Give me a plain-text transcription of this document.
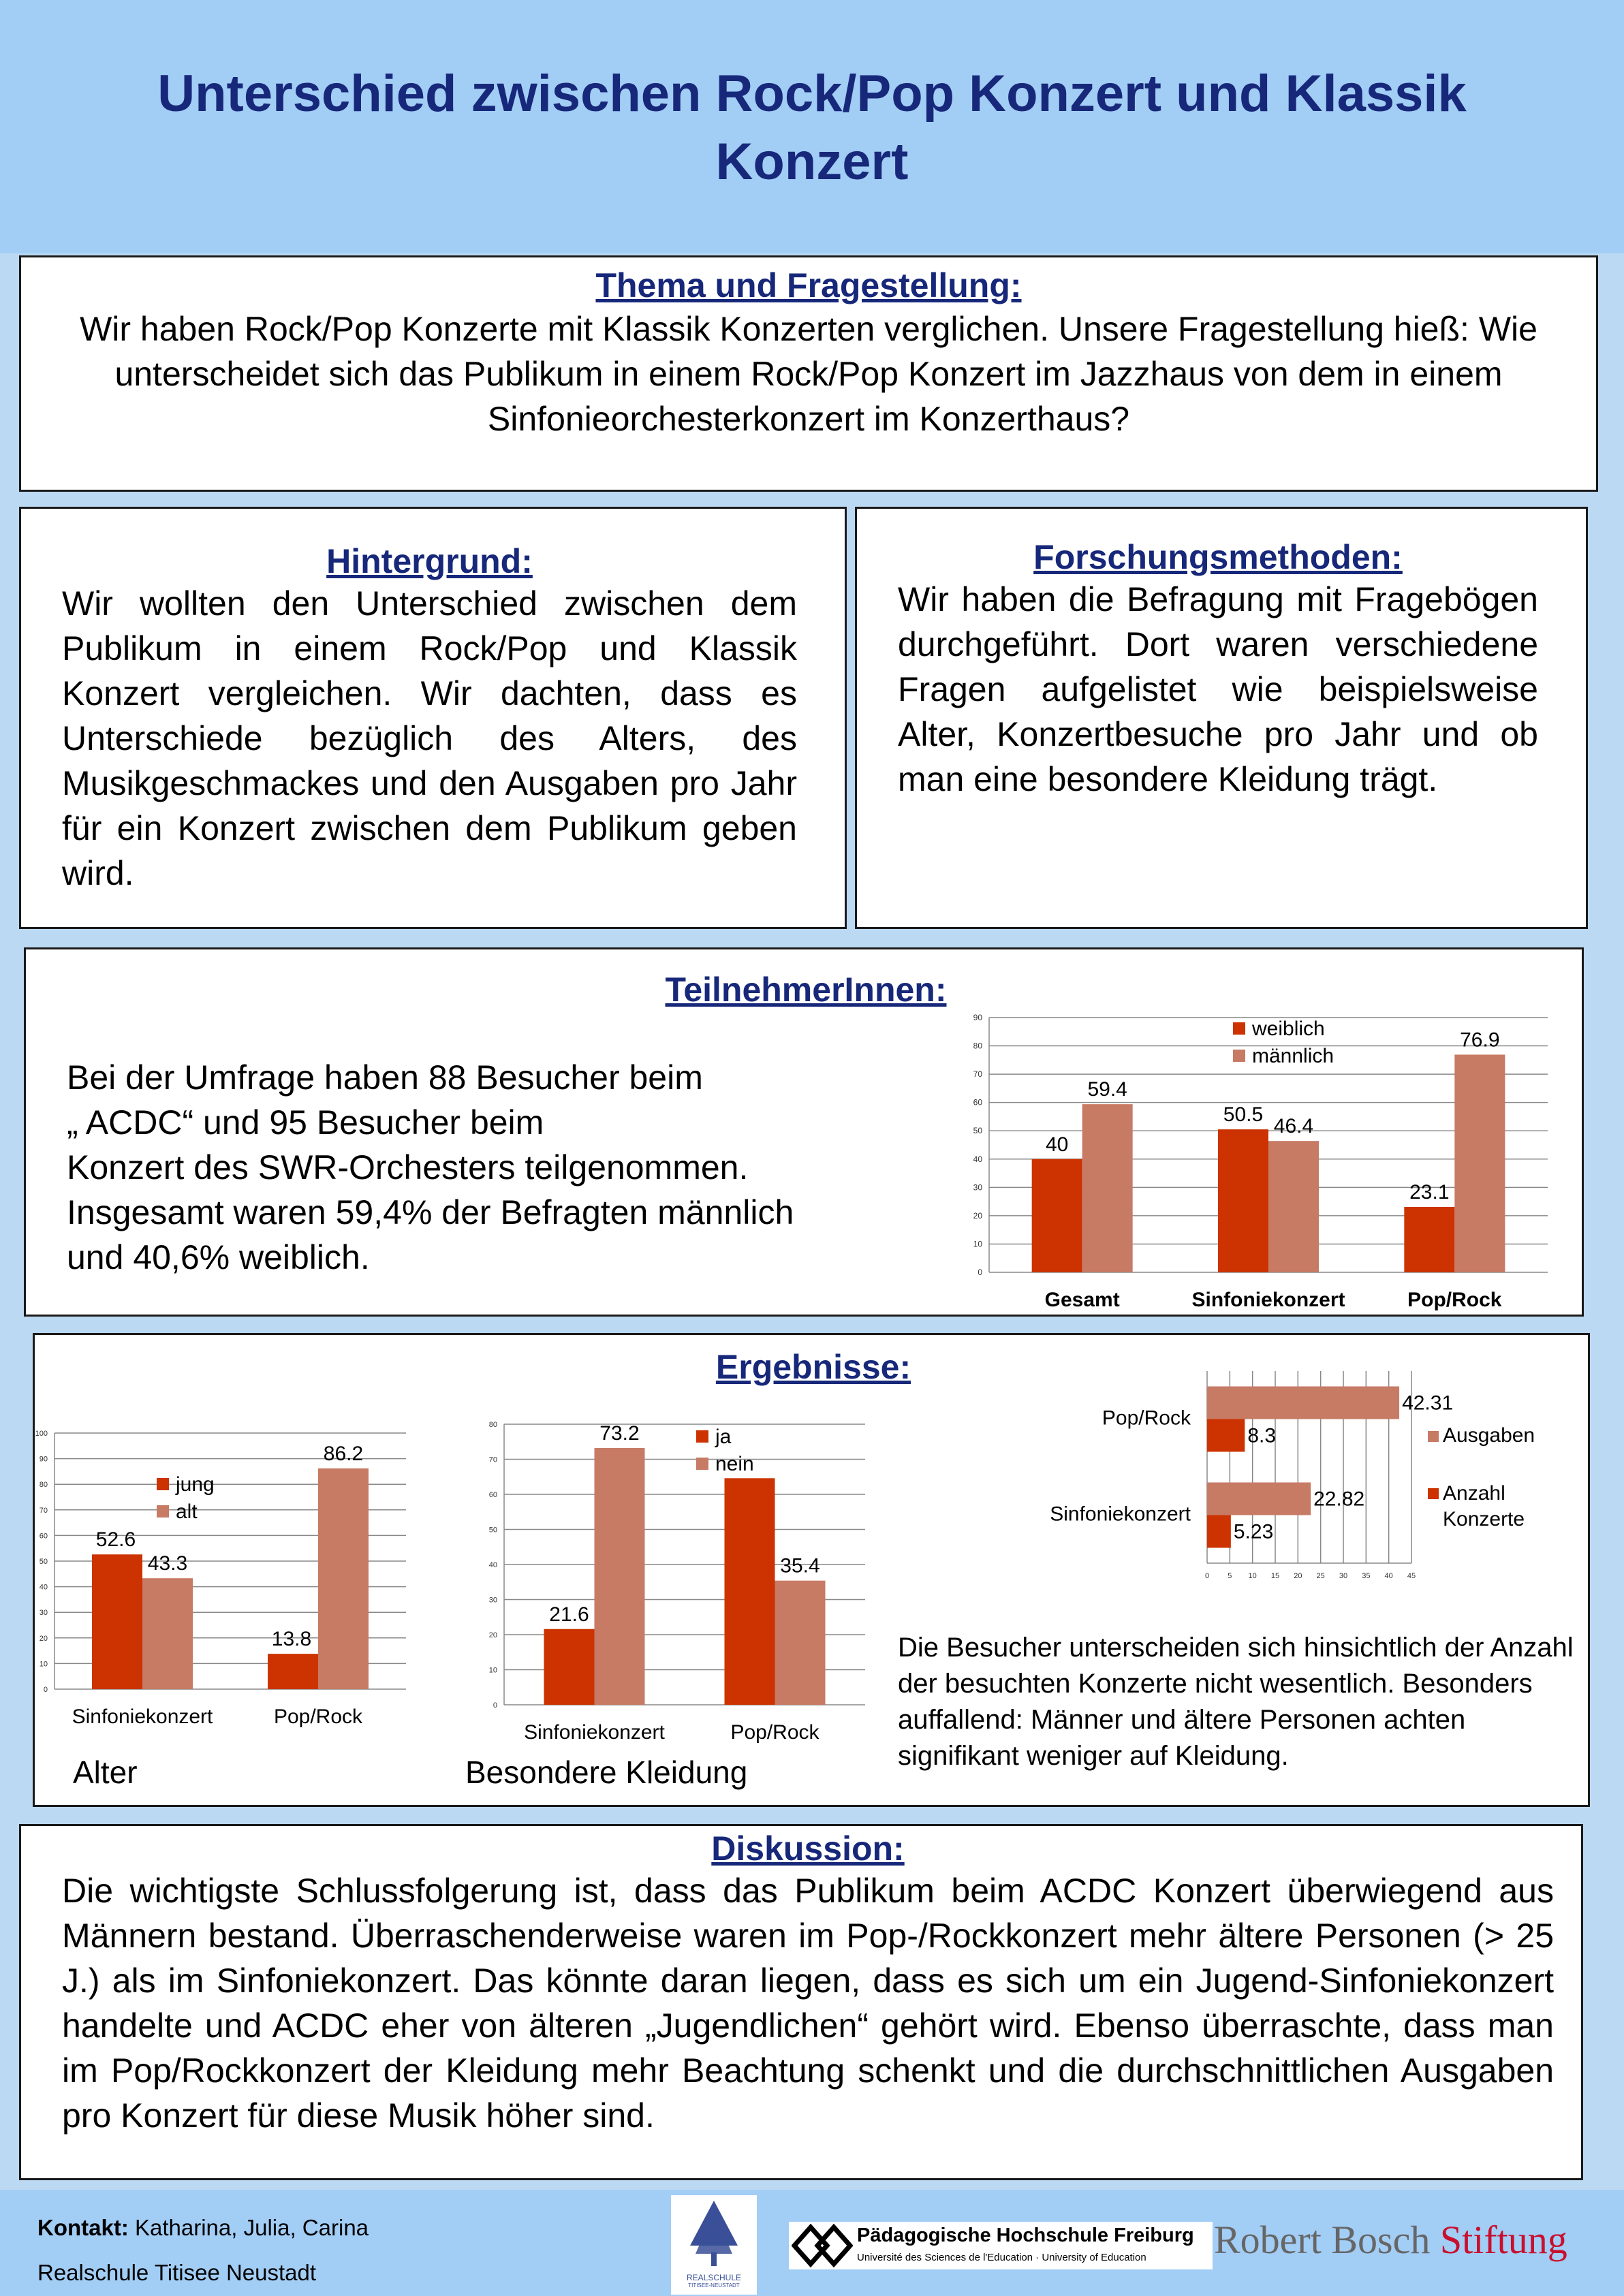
Unterschied zwischen Rock/Pop Konzert und Klassik Konzert

Thema und Fragestellung:

Wir haben Rock/Pop Konzerte mit Klassik Konzerten verglichen. Unsere Fragestellung hieß: Wie unterscheidet sich das Publikum in einem Rock/Pop Konzert im Jazzhaus von dem in einem Sinfonieorchesterkonzert im Konzerthaus?

Hintergrund:

Wir wollten den Unterschied zwischen dem Publikum in einem Rock/Pop und Klassik Konzert vergleichen. Wir dachten, dass es Unterschiede bezüglich des Alters, des Musikgeschmackes und den Ausgaben pro Jahr für ein Konzert zwischen dem Publikum geben wird.

Forschungsmethoden:

Wir haben die Befragung mit Fragebögen durchgeführt. Dort waren verschiedene Fragen aufgelistet wie beispielsweise Alter, Konzertbesuche pro Jahr und ob man eine besondere Kleidung trägt.

TeilnehmerInnen:

Bei der Umfrage haben 88 Besucher beim
„ ACDC“ und 95 Besucher beim
Konzert des SWR-Orchesters teilgenommen.
Insgesamt waren 59,4% der Befragten männlich
und 40,6% weiblich.	0
10
20
30
40
50
60
70
80
90
40
59.4
Gesamt
50.5
46.4
Sinfoniekonzert
23.1
76.9
Pop/Rock
weiblich
männlich

Ergebnisse:

0
10
20
30
40
50
60
70
80
90
100
52.6
43.3
Sinfoniekonzert
13.8
86.2
Pop/Rock
jung
alt
0
10
20
30
40
50
60
70
80
21.6
73.2
Sinfoniekonzert
35.4
Pop/Rock
ja
nein
0 5 10 15 20 25 30 35 40 45
42.31
8.3
Pop/Rock
22.82
5.23
Sinfoniekonzert
Ausgaben
Anzahl
Konzerte
Alter	Besondere Kleidung

Die Besucher unterscheiden sich hinsichtlich der Anzahl der besuchten Konzerte nicht wesentlich. Besonders auffallend: Männer und ältere Personen achten signifikant weniger auf Kleidung.

Diskussion:

Die wichtigste Schlussfolgerung ist, dass das Publikum beim ACDC Konzert überwiegend aus Männern bestand. Überraschenderweise waren im Pop-/Rockkonzert mehr ältere Personen (> 25 J.) als im Sinfoniekonzert. Das könnte daran liegen, dass es sich um ein Jugend-Sinfoniekonzert handelte und ACDC eher von älteren „Jugendlichen“ gehört wird. Ebenso überraschte, dass man im Pop/Rockkonzert der Kleidung mehr Beachtung schenkt und die durchschnittlichen Ausgaben pro Konzert für diese Musik höher sind.

Kontakt: Katharina, Julia, Carina
Realschule Titisee Neustadt	REALSCHULE
TITISEE-NEUSTADT
Pädagogische Hochschule Freiburg
Université des Sciences de l'Education · University of Education Robert Bosch Stiftung
